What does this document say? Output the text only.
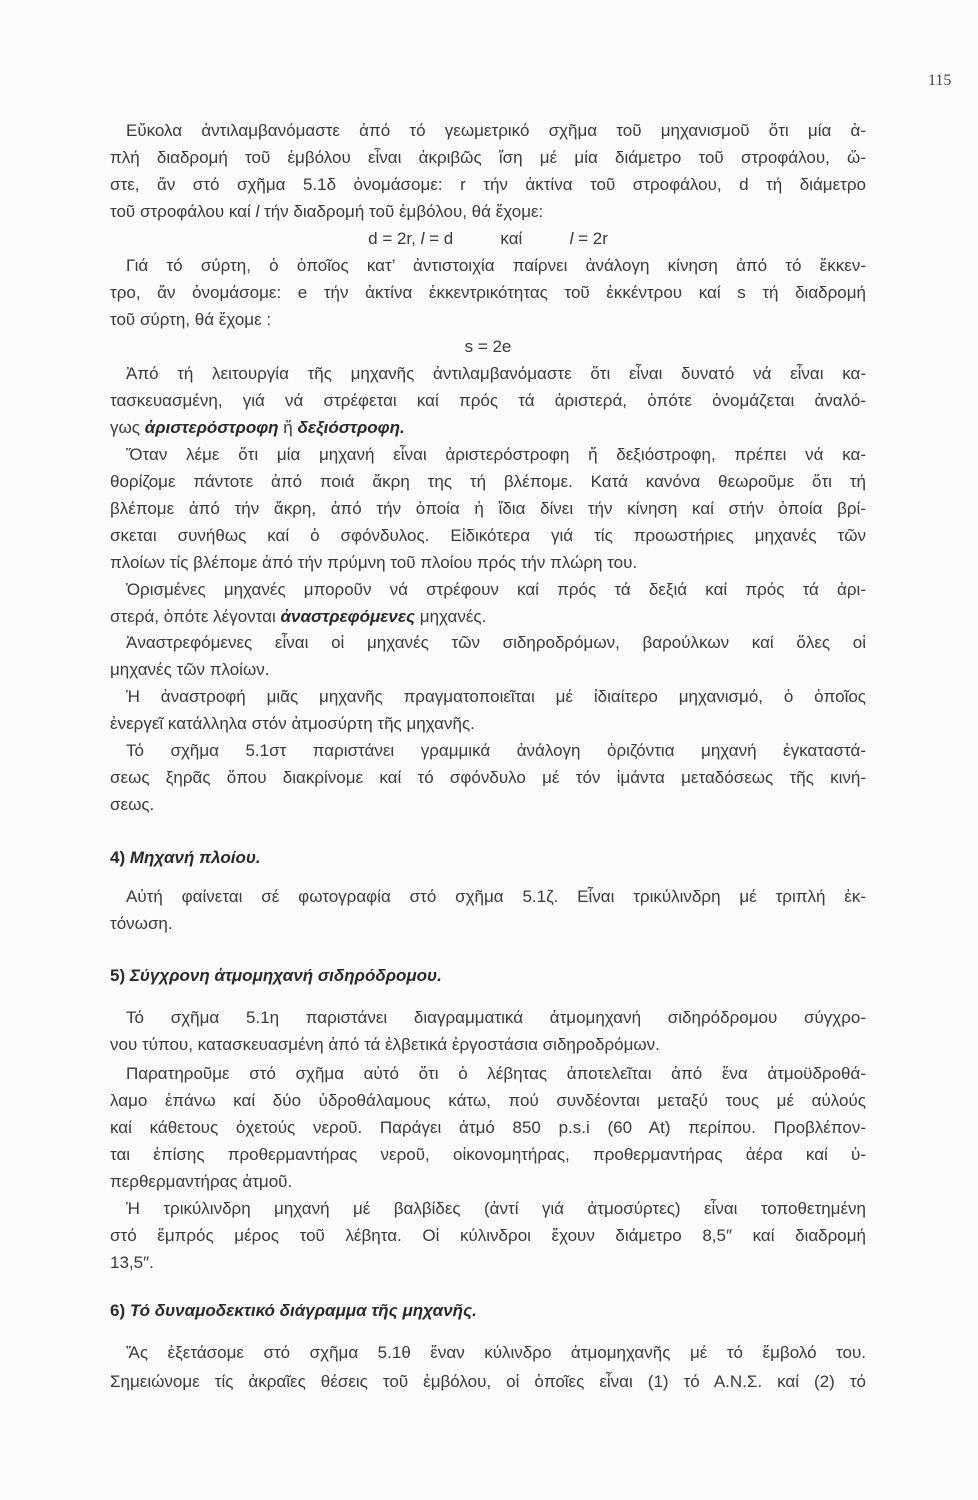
115
Εὔκολα ἀντιλαμβανόμαστε ἀπό τό γεωμετρικό σχῆμα τοῦ μηχανισμοῦ ὅτι μία ἁ-
πλή διαδρομή τοῦ ἐμβόλου εἶναι ἀκριβῶς ἴση μέ μία διάμετρο τοῦ στροφάλου, ὥ-
στε, ἄν στό σχῆμα 5.1δ ὀνομάσομε: r τήν ἀκτίνα τοῦ στροφάλου, d τή διάμετρο
τοῦ στροφάλου καί l τήν διαδρομή τοῦ ἐμβόλου, θά ἔχομε:
d = 2r, l = d          καί          l = 2r
Γιά τό σύρτη, ὁ ὁποῖος κατ’ ἀντιστοιχία παίρνει ἀνάλογη κίνηση ἀπό τό ἔκκεν-
τρο, ἄν ὀνομάσομε: e τήν ἀκτίνα ἐκκεντρικότητας τοῦ ἐκκέντρου καί s τή διαδρομή
τοῦ σύρτη, θά ἔχομε :
s = 2e
Ἀπό τή λειτουργία τῆς μηχανῆς ἀντιλαμβανόμαστε ὅτι εἶναι δυνατό νά εἶναι κα-
τασκευασμένη, γιά νά στρέφεται καί πρός τά ἀριστερά, ὁπότε ὀνομάζεται ἀναλό-
γως ἀριστερόστροφη ἤ δεξιόστροφη.
Ὅταν λέμε ὅτι μία μηχανή εἶναι ἀριστερόστροφη ἤ δεξιόστροφη, πρέπει νά κα-
θορίζομε πάντοτε ἀπό ποιά ἄκρη της τή βλέπομε. Κατά κανόνα θεωροῦμε ὅτι τή
βλέπομε ἀπό τήν ἄκρη, ἀπό τήν ὁποία ἡ ἴδια δίνει τήν κίνηση καί στήν ὁποία βρί-
σκεται συνήθως καί ὁ σφόνδυλος. Εἰδικότερα γιά τίς προωστήριες μηχανές τῶν
πλοίων τίς βλέπομε ἀπό τήν πρύμνη τοῦ πλοίου πρός τήν πλώρη του.
Ὁρισμένες μηχανές μποροῦν νά στρέφουν καί πρός τά δεξιά καί πρός τά ἀρι-
στερά, ὁπότε λέγονται ἀναστρεφόμενες μηχανές.
Ἀναστρεφόμενες εἶναι οἱ μηχανές τῶν σιδηροδρόμων, βαρούλκων καί ὅλες οἱ
μηχανές τῶν πλοίων.
Ἡ ἀναστροφή μιᾶς μηχανῆς πραγματοποιεῖται μέ ἰδιαίτερο μηχανισμό, ὁ ὁποῖος
ἐνεργεῖ κατάλληλα στόν ἀτμοσύρτη τῆς μηχανῆς.
Τό σχῆμα 5.1στ παριστάνει γραμμικά ἀνάλογη ὁριζόντια μηχανή ἐγκαταστά-
σεως ξηρᾶς ὅπου διακρίνομε καί τό σφόνδυλο μέ τόν ἱμάντα μεταδόσεως τῆς κινή-
σεως.
4) Μηχανή πλοίου.
Αὐτή φαίνεται σέ φωτογραφία στό σχῆμα 5.1ζ. Εἶναι τρικύλινδρη μέ τριπλή ἐκ-
τόνωση.
5) Σύγχρονη ἀτμομηχανή σιδηρόδρομου.
Τό σχῆμα 5.1η παριστάνει διαγραμματικά ἀτμομηχανή σιδηρόδρομου σύγχρο-
νου τύπου, κατασκευασμένη ἀπό τά ἑλβετικά ἐργοστάσια σιδηροδρόμων.
Παρατηροῦμε στό σχῆμα αὐτό ὅτι ὁ λέβητας ἀποτελεῖται ἀπό ἕνα ἀτμοϋδροθά-
λαμο ἐπάνω καί δύο ὑδροθάλαμους κάτω, πού συνδέονται μεταξύ τους μέ αὐλούς
καί κάθετους ὀχετούς νεροῦ. Παράγει ἀτμό 850 p.s.i (60 At) περίπου. Προβλέπον-
ται ἐπίσης προθερμαντήρας νεροῦ, οἰκονομητήρας, προθερμαντήρας ἀέρα καί ὑ-
περθερμαντήρας ἀτμοῦ.
Ἡ τρικύλινδρη μηχανή μέ βαλβίδες (ἀντί γιά ἀτμοσύρτες) εἶναι τοποθετημένη
στό ἔμπρός μέρος τοῦ λέβητα. Οἱ κύλινδροι ἔχουν διάμετρο 8,5″ καί διαδρομή
13,5″.
6) Τό δυναμοδεκτικό διάγραμμα τῆς μηχανῆς.
Ἄς ἐξετάσομε στό σχῆμα 5.1θ ἕναν κύλινδρο ἀτμομηχανῆς μέ τό ἔμβολό του.
Σημειώνομε τίς ἀκραῖες θέσεις τοῦ ἐμβόλου, οἱ ὁποῖες εἶναι (1) τό Α.Ν.Σ. καί (2) τό
